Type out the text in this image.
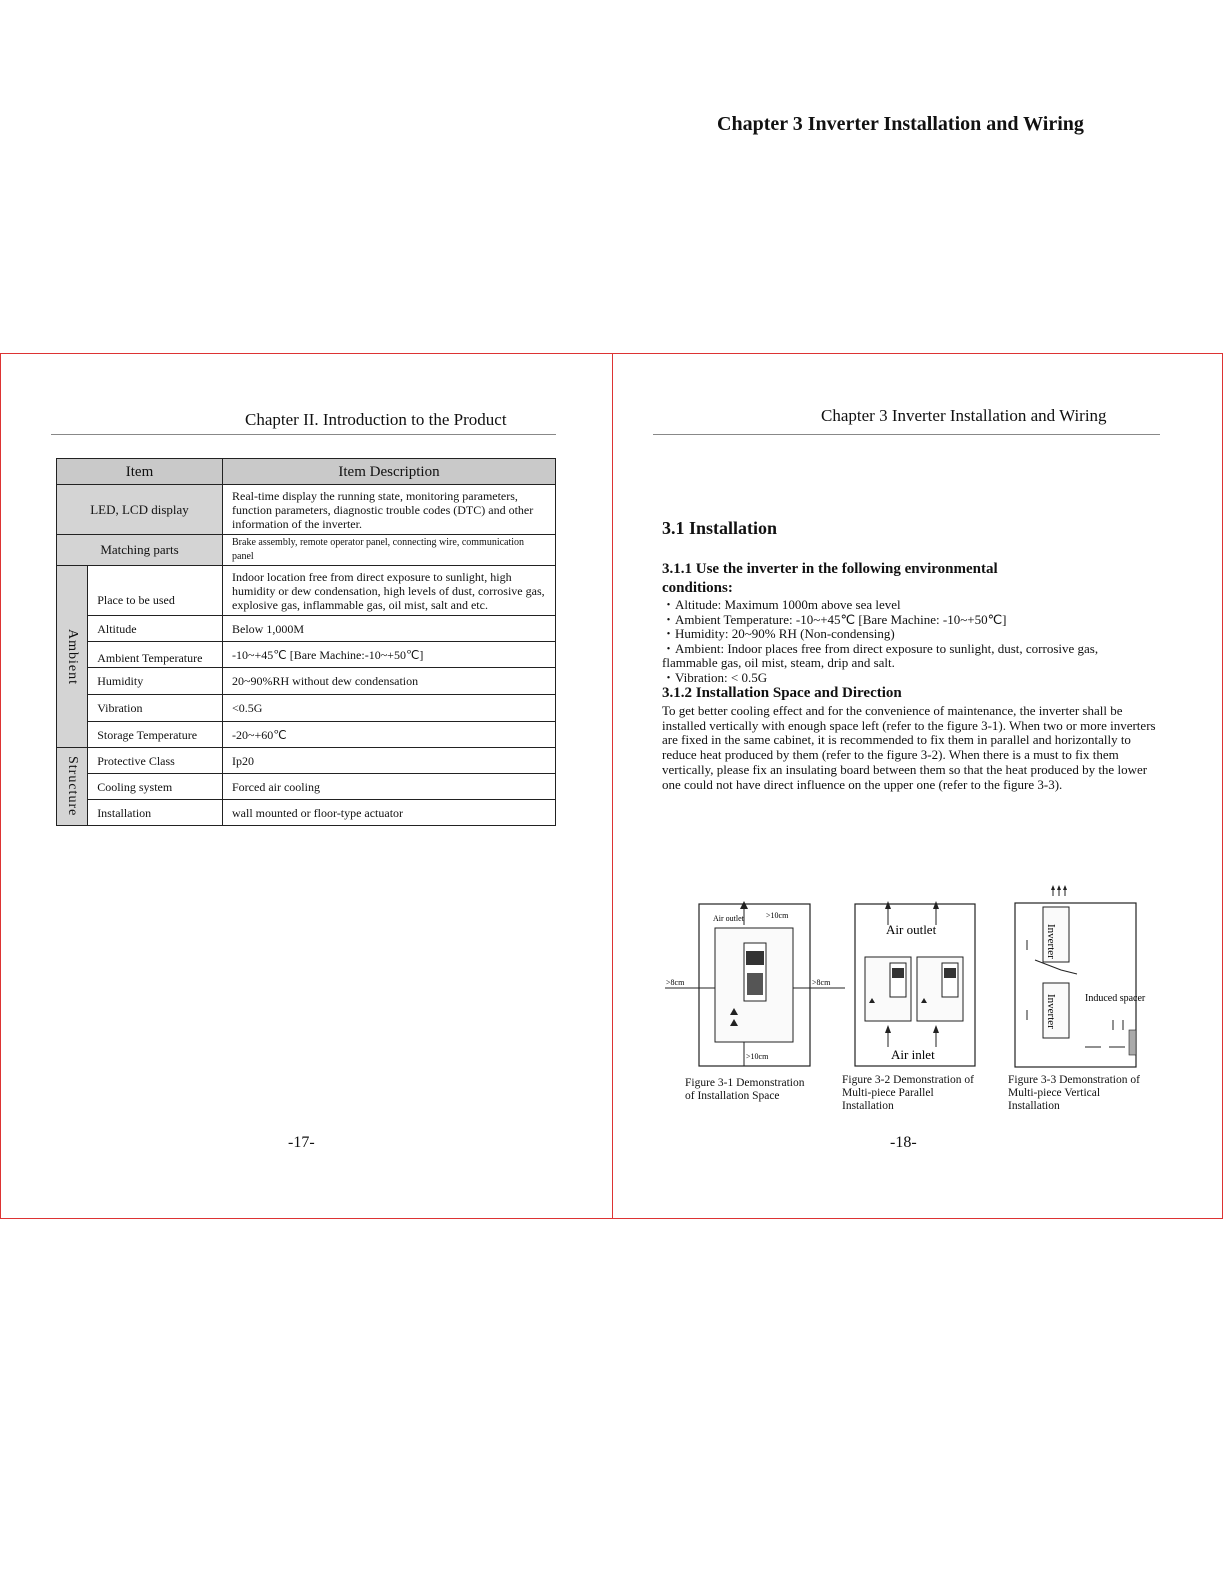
Chapter II. Introduction to the Product
Item		Item Description
LED, LCD display		Real-time display the running state, monitoring parameters, function parameters, diagnostic trouble codes (DTC) and other information of the inverter.
Matching parts		Brake assembly, remote operator panel, connecting wire, communication panel
Ambient	Place to be used	Indoor location free from direct exposure to sunlight, high humidity or dew condensation, high levels of dust, corrosive gas, explosive gas, inflammable gas, oil mist, salt and etc.
	Altitude	Below 1,000M
	Ambient Temperature	-10~+45℃ [Bare Machine:-10~+50℃]
	Humidity	20~90%RH without dew condensation
	Vibration	<0.5G
	Storage Temperature	-20~+60℃
Structure	Protective Class	Ip20
	Cooling system	Forced air cooling
	Installation	wall mounted or floor-type actuator
-17-
Chapter 3 Inverter Installation and Wiring
-18-
Chapter 3 Inverter Installation and Wiring
3.1 Installation
3.1.1 Use the inverter in the following environmental
conditions:
・Altitude: Maximum 1000m above sea level
・Ambient Temperature: -10~+45℃ [Bare Machine: -10~+50℃]
・Humidity: 20~90% RH (Non-condensing)
・Ambient: Indoor places free from direct exposure to sunlight, dust, corrosive gas,
flammable gas, oil mist, steam, drip and salt.
・Vibration: < 0.5G
3.1.2 Installation Space and Direction
To get better cooling effect and for the convenience of maintenance, the inverter shall be installed vertically with enough space left (refer to the figure 3-1). When two or more inverters are fixed in the same cabinet, it is recommended to fix them in parallel and horizontally to reduce heat produced by them (refer to the figure 3-2). When there is a must to fix them vertically, please fix an insulating board between them so that the heat produced by the lower one could not have direct influence on the upper one (refer to the figure 3-3).
Air outlet	>10cm
>8cm	>8cm
>10cm
Figure 3-1 Demonstration
of Installation Space
Air outlet
Air inlet
Figure 3-2 Demonstration of
Multi-piece Parallel
Installation
Inverter
Inverter	Induced spacer
Figure 3-3 Demonstration of
Multi-piece Vertical
Installation
